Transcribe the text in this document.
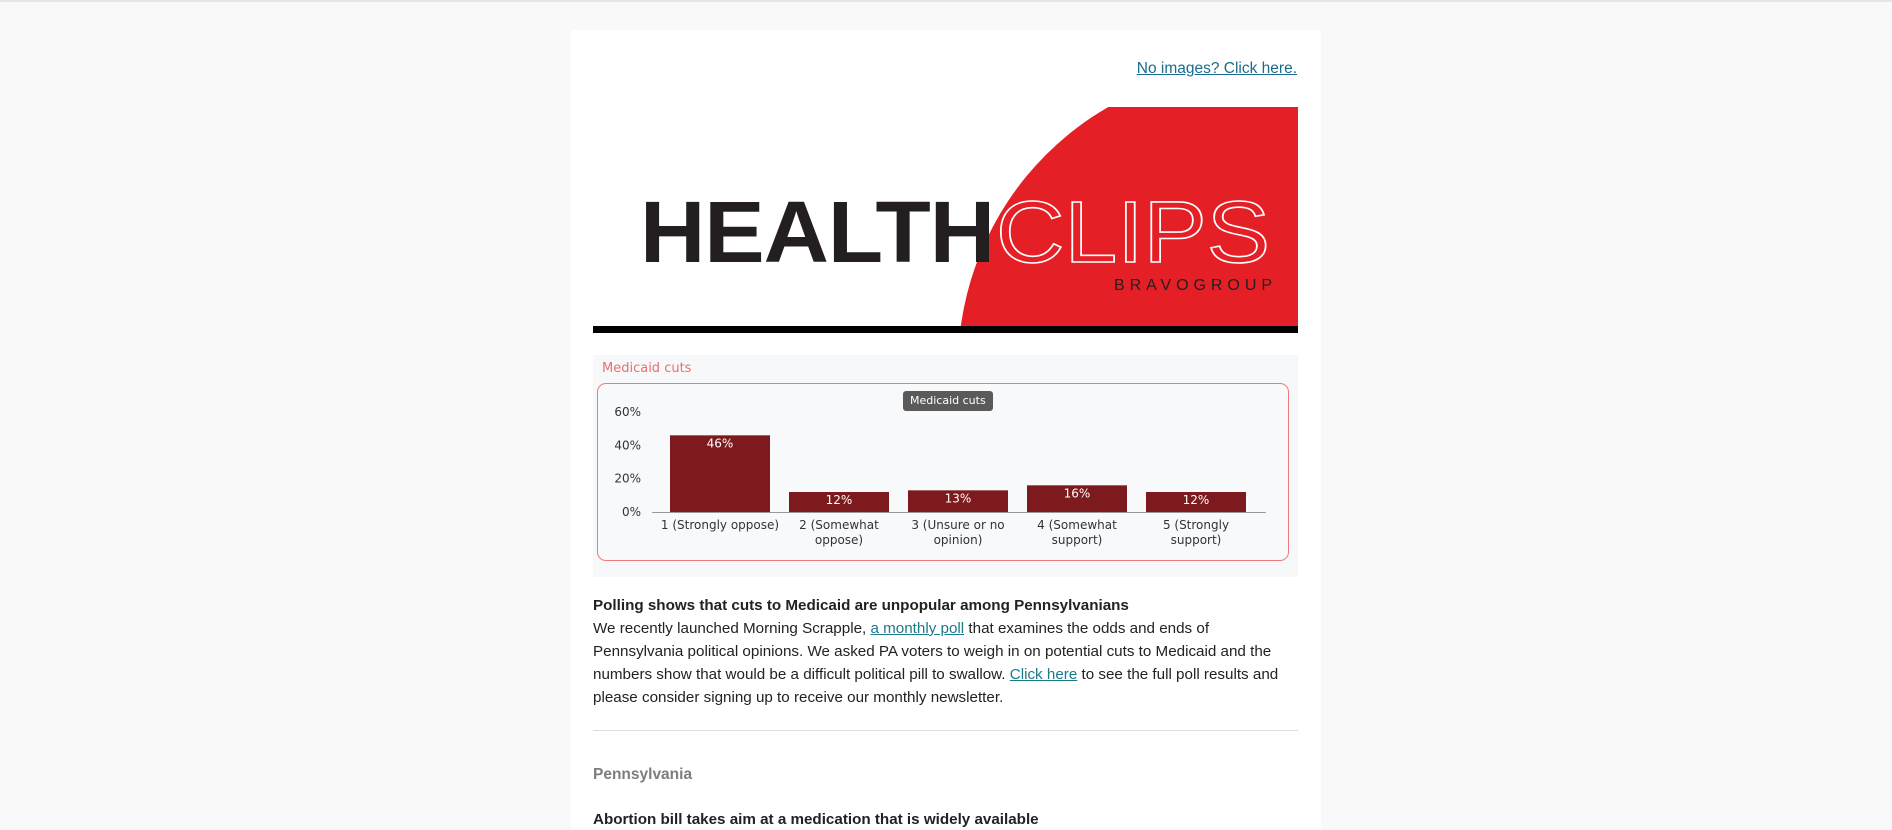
No images? Click here.
HEALTH CLIPS
BRAVOGROUP
Medicaid cuts
0%
20%
40%
60%
46%
12%	13%	16%	12%
1 (Strongly oppose) 2 (Somewhat
oppose)
3 (Unsure or no
opinion)
4 (Somewhat
support)
5 (Strongly
support)
Medicaid cuts
Polling shows that cuts to Medicaid are unpopular among Pennsylvanians

We recently launched Morning Scrapple, a monthly poll that examines the odds and ends of Pennsylvania political opinions. We asked PA voters to weigh in on potential cuts to Medicaid and the numbers show that would be a difficult political pill to swallow. Click here to see the full poll results and please consider signing up to receive our monthly newsletter.

Pennsylvania
Abortion bill takes aim at a medication that is widely available
